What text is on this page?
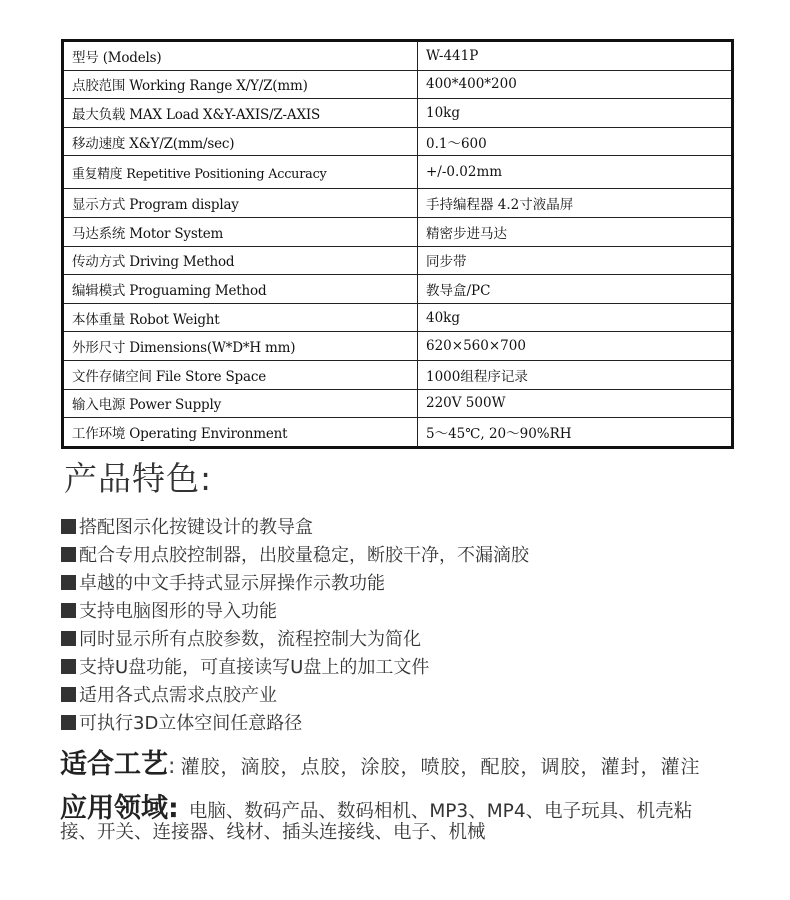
型号 (Models)	W-441P
点胶范围 Working Range X/Y/Z(mm)	400*400*200
最大负载 MAX Load X&Y-AXIS/Z-AXIS	10kg
移动速度 X&Y/Z(mm/sec)	0.1～600
重复精度 Repetitive Positioning Accuracy	+/-0.02mm
显示方式 Program display	手持编程器 4.2寸液晶屏
马达系统 Motor System	精密步进马达
传动方式 Driving Method	同步带
编辑模式 Proguaming Method	教导盒/PC
本体重量 Robot Weight	40kg
外形尺寸 Dimensions(W*D*H mm)	620×560×700
文件存储空间 File Store Space	1000组程序记录
输入电源 Power Supply	220V 500W
工作环境 Operating Environment	5～45℃, 20～90%RH
产品特色:
搭配图示化按键设计的教导盒
配合专用点胶控制器，出胶量稳定，断胶干净，不漏滴胶
卓越的中文手持式显示屏操作示教功能
支持电脑图形的导入功能
同时显示所有点胶参数，流程控制大为简化
支持U盘功能，可直接读写U盘上的加工文件
适用各式点需求点胶产业
可执行3D立体空间任意路径
适合工艺: 灌胶，滴胶，点胶，涂胶，喷胶，配胶，调胶，灌封，灌注
应用领域: 电脑、数码产品、数码相机、MP3、MP4、电子玩具、机壳粘
接、开关、连接器、线材、插头连接线、电子、机械
